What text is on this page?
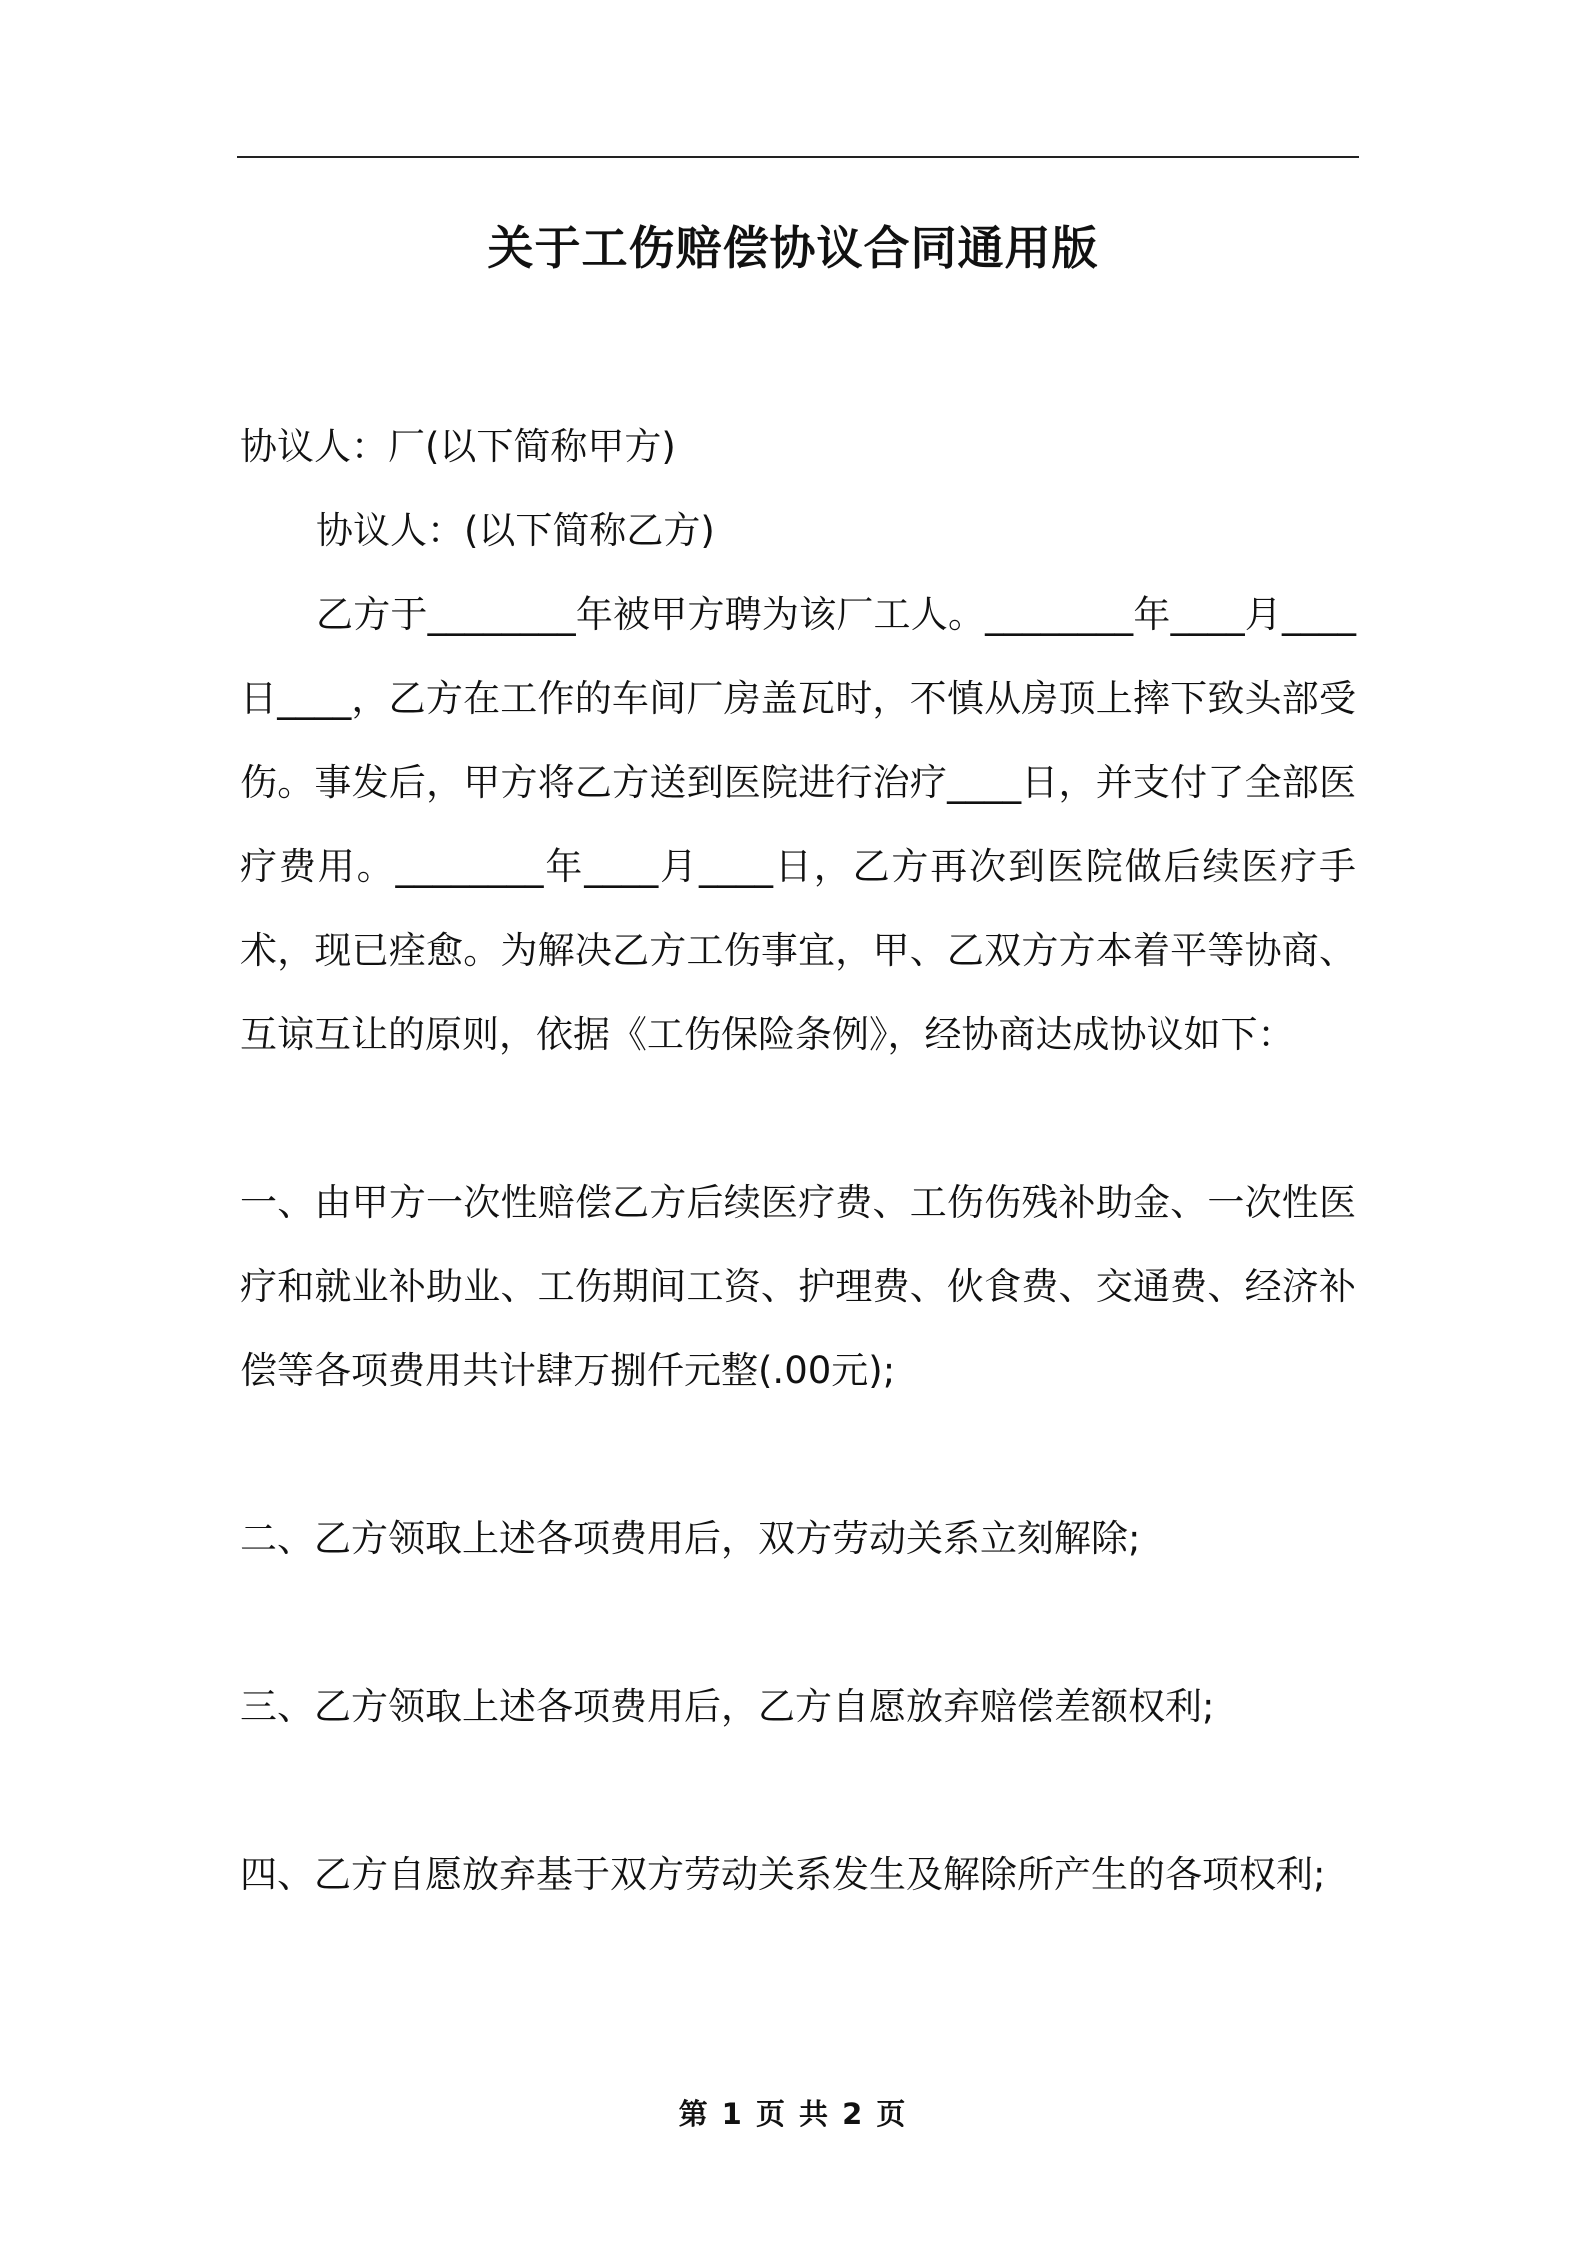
关于工伤赔偿协议合同通用版

协议人：厂(以下简称甲方)

协议人：(以下简称乙方)

乙方于________年被甲方聘为该厂工人。________年____月____日____，乙方在工作的车间厂房盖瓦时，不慎从房顶上摔下致头部受伤。事发后，甲方将乙方送到医院进行治疗____日，并支付了全部医疗费用。________年____月____日，乙方再次到医院做后续医疗手术，现已痊愈。为解决乙方工伤事宜，甲、乙双方方本着平等协商、互谅互让的原则，依据《工伤保险条例》，经协商达成协议如下：

一、由甲方一次性赔偿乙方后续医疗费、工伤伤残补助金、一次性医疗和就业补助业、工伤期间工资、护理费、伙食费、交通费、经济补偿等各项费用共计肆万捌仟元整(.00元);

二、乙方领取上述各项费用后，双方劳动关系立刻解除;

三、乙方领取上述各项费用后，乙方自愿放弃赔偿差额权利;

四、乙方自愿放弃基于双方劳动关系发生及解除所产生的各项权利;

第 1 页 共 2 页
